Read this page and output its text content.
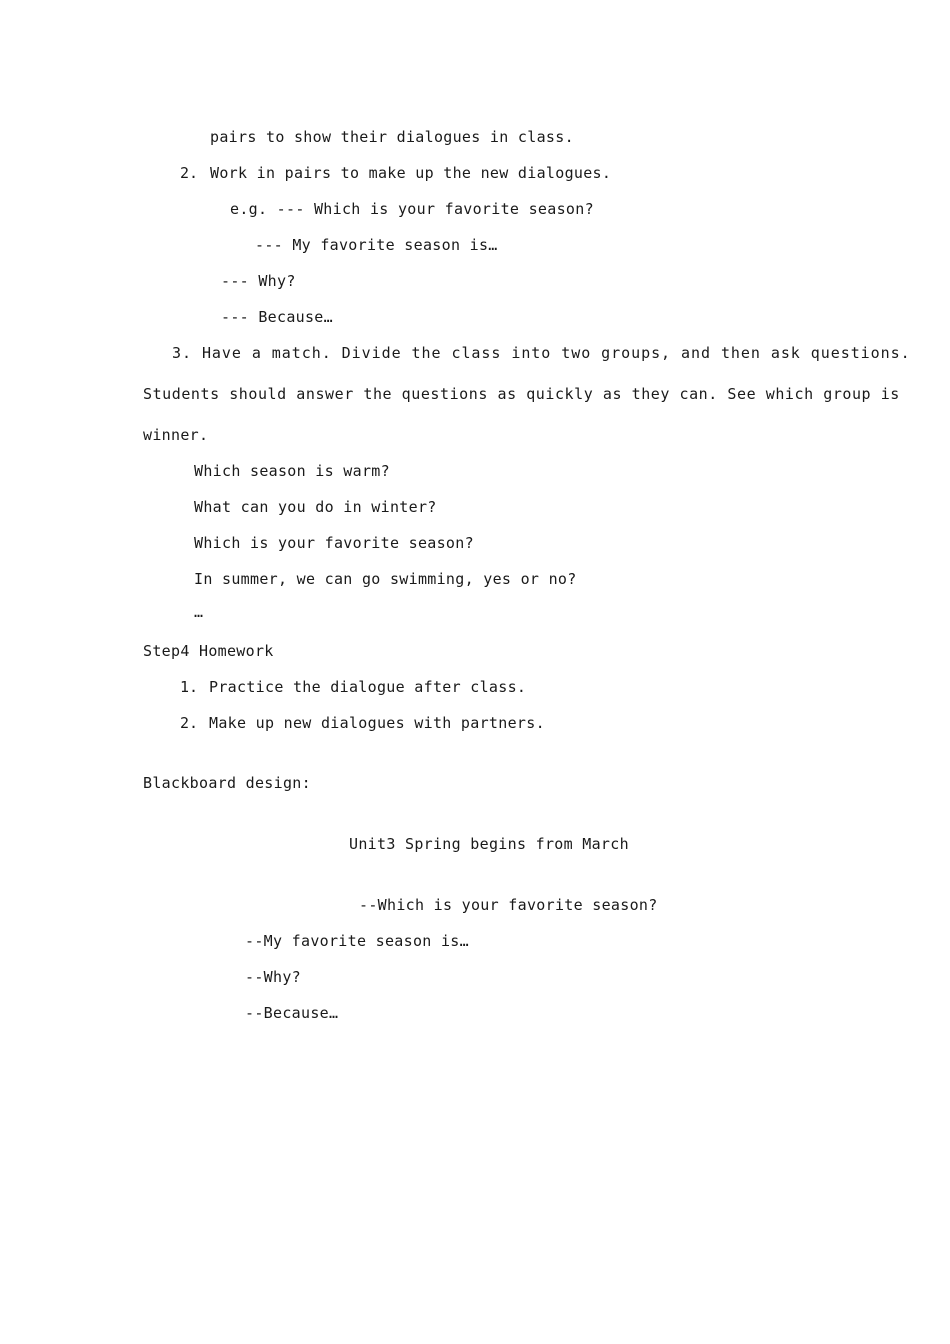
pairs to show their dialogues in class.
2. Work in pairs to make up the new dialogues.
e.g. --- Which is your favorite season?
--- My favorite season is…
--- Why?
--- Because…
3. Have a match. Divide the class into two groups, and then ask questions.
Students should answer the questions as quickly as they can. See which group is
winner.
Which season is warm?
What can you do in winter?
Which is your favorite season?
In summer, we can go swimming, yes or no?
…
Step4 Homework
1. Practice the dialogue after class.
2. Make up new dialogues with partners.
Blackboard design:
Unit3 Spring begins from March
--Which is your favorite season?
--My favorite season is…
--Why?
--Because…
